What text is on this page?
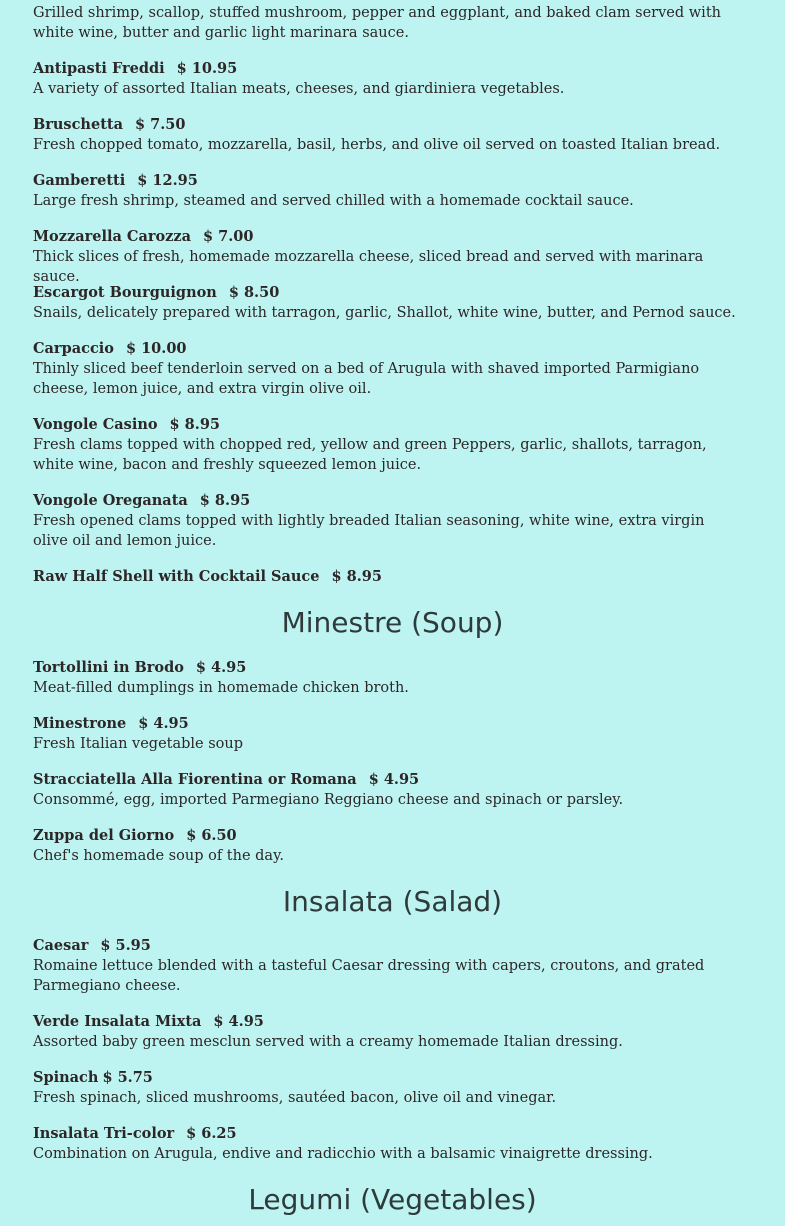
Grilled shrimp, scallop, stuffed mushroom, pepper and eggplant, and baked clam served with white wine, butter and garlic light marinara sauce.
Antipasti Freddi $ 10.95
A variety of assorted Italian meats, cheeses, and giardiniera vegetables.
Bruschetta $ 7.50
Fresh chopped tomato, mozzarella, basil, herbs, and olive oil served on toasted Italian bread.
Gamberetti $ 12.95
Large fresh shrimp, steamed and served chilled with a homemade cocktail sauce.
Mozzarella Carozza $ 7.00
Thick slices of fresh, homemade mozzarella cheese, sliced bread and served with marinara sauce.
Escargot Bourguignon $ 8.50
Snails, delicately prepared with tarragon, garlic, Shallot, white wine, butter, and Pernod sauce.
Carpaccio $ 10.00
Thinly sliced beef tenderloin served on a bed of Arugula with shaved imported Parmigiano cheese, lemon juice, and extra virgin olive oil.
Vongole Casino $ 8.95
Fresh clams topped with chopped red, yellow and green Peppers, garlic, shallots, tarragon, white wine, bacon and freshly squeezed lemon juice.
Vongole Oreganata $ 8.95
Fresh opened clams topped with lightly breaded Italian seasoning, white wine, extra virgin olive oil and lemon juice.
Raw Half Shell with Cocktail Sauce $ 8.95
Minestre (Soup)
Tortollini in Brodo $ 4.95
Meat-filled dumplings in homemade chicken broth.
Minestrone $ 4.95
Fresh Italian vegetable soup
Stracciatella Alla Fiorentina or Romana $ 4.95
Consommé, egg, imported Parmegiano Reggiano cheese and spinach or parsley.
Zuppa del Giorno $ 6.50
Chef's homemade soup of the day.
Insalata (Salad)
Caesar $ 5.95
Romaine lettuce blended with a tasteful Caesar dressing with capers, croutons, and grated Parmegiano cheese.
Verde Insalata Mixta $ 4.95
Assorted baby green mesclun served with a creamy homemade Italian dressing.
Spinach $ 5.75
Fresh spinach, sliced mushrooms, sautéed bacon, olive oil and vinegar.
Insalata Tri-color $ 6.25
Combination on Arugula, endive and radicchio with a balsamic vinaigrette dressing.
Legumi (Vegetables)
